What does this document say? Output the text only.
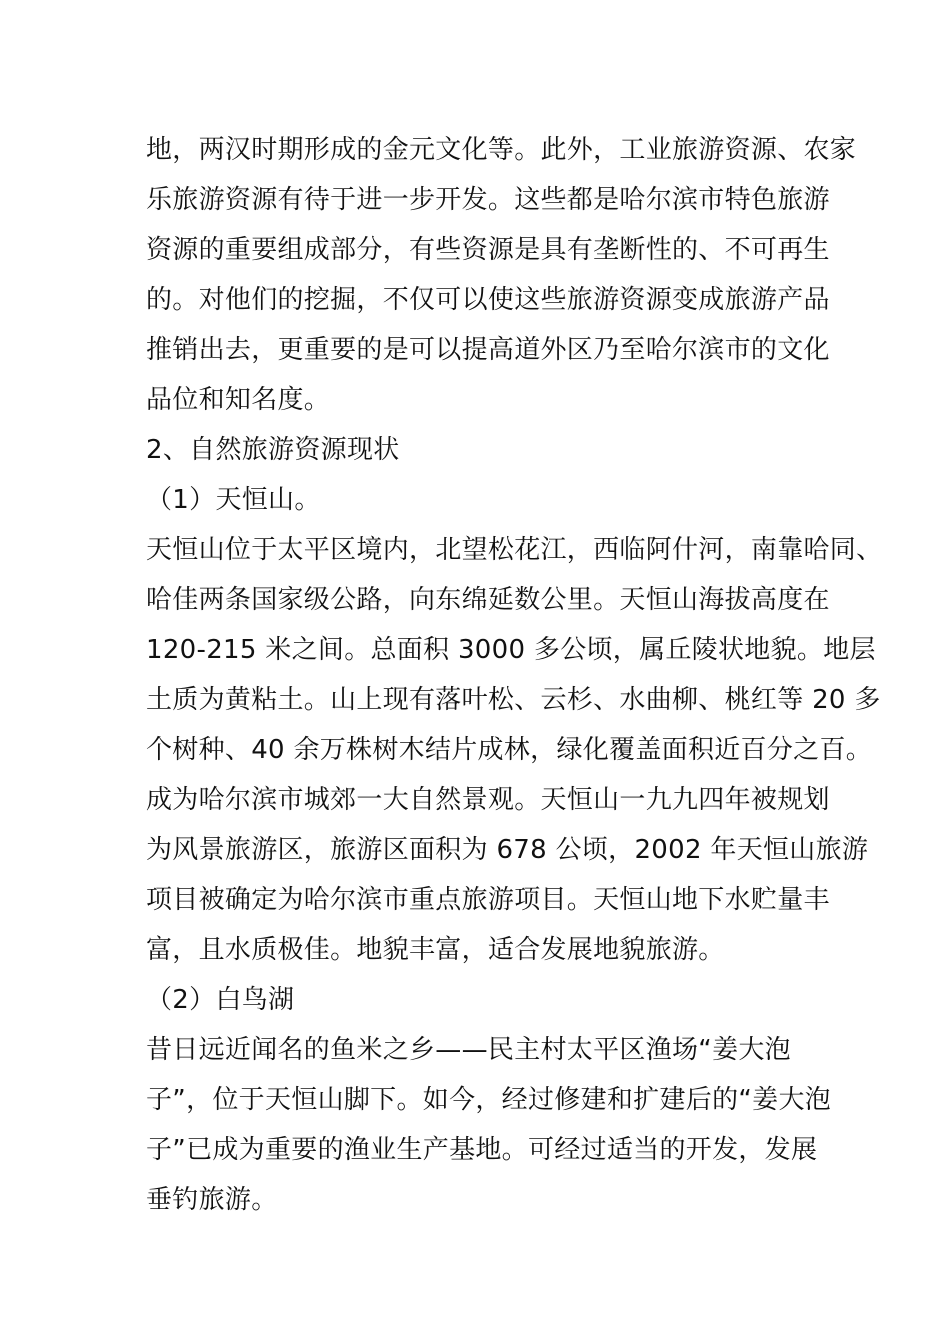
地，两汉时期形成的金元文化等。此外，工业旅游资源、农家
乐旅游资源有待于进一步开发。这些都是哈尔滨市特色旅游
资源的重要组成部分，有些资源是具有垄断性的、不可再生
的。对他们的挖掘，不仅可以使这些旅游资源变成旅游产品
推销出去，更重要的是可以提高道外区乃至哈尔滨市的文化
品位和知名度。
2、自然旅游资源现状
（1）天恒山。
天恒山位于太平区境内，北望松花江，西临阿什河，南靠哈同、
哈佳两条国家级公路，向东绵延数公里。天恒山海拔高度在
120-215 米之间。总面积 3000 多公顷，属丘陵状地貌。地层
土质为黄粘土。山上现有落叶松、云杉、水曲柳、桃红等 20 多
个树种、40 余万株树木结片成林，绿化覆盖面积近百分之百。
成为哈尔滨市城郊一大自然景观。天恒山一九九四年被规划
为风景旅游区，旅游区面积为 678 公顷，2002 年天恒山旅游
项目被确定为哈尔滨市重点旅游项目。天恒山地下水贮量丰
富，且水质极佳。地貌丰富，适合发展地貌旅游。
（2）白鸟湖
昔日远近闻名的鱼米之乡——民主村太平区渔场“姜大泡
子”，位于天恒山脚下。如今，经过修建和扩建后的“姜大泡
子”已成为重要的渔业生产基地。可经过适当的开发，发展
垂钓旅游。
